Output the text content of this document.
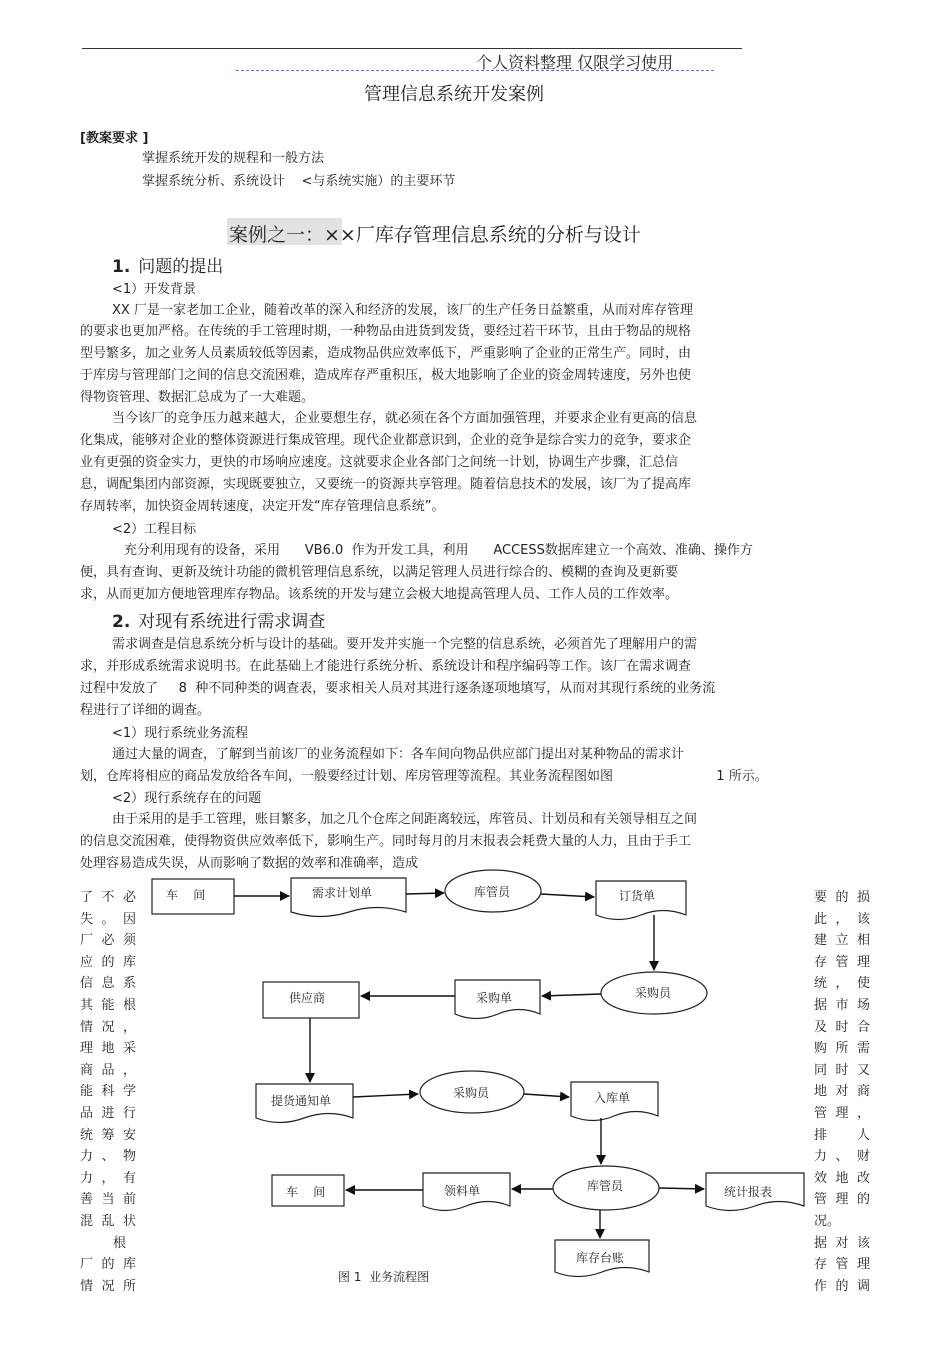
个人资料整理 仅限学习使用
管理信息系统开发案例
[教案要求 ]
掌握系统开发的规程和一般方法
掌握系统分析、系统设计    <与系统实施）的主要环节
案例之一：××厂库存管理信息系统的分析与设计
1. 问题的提出
<1）开发背景
XX 厂是一家老加工企业，随着改革的深入和经济的发展，该厂的生产任务日益繁重，从而对库存管理
的要求也更加严格。在传统的手工管理时期，一种物品由进货到发货，要经过若干环节，且由于物品的规格
型号繁多，加之业务人员素质较低等因素，造成物品供应效率低下，严重影响了企业的正常生产。同时，由
于库房与管理部门之间的信息交流困难，造成库存严重积压，极大地影响了企业的资金周转速度，另外也使
得物资管理、数据汇总成为了一大难题。
当今该厂的竞争压力越来越大，企业要想生存，就必须在各个方面加强管理，并要求企业有更高的信息
化集成，能够对企业的整体资源进行集成管理。现代企业都意识到，企业的竞争是综合实力的竞争，要求企
业有更强的资金实力，更快的市场响应速度。这就要求企业各部门之间统一计划，协调生产步骤，汇总信
息，调配集团内部资源，实现既要独立，又要统一的资源共享管理。随着信息技术的发展，该厂为了提高库
存周转率，加快资金周转速度，决定开发“库存管理信息系统”。
<2）工程目标
充分利用现有的设备，采用      VB6.0  作为开发工具，利用      ACCESS数据库建立一个高效、准确、操作方
便，具有查询、更新及统计功能的微机管理信息系统，以满足管理人员进行综合的、模糊的查询及更新要
求，从而更加方便地管理库存物品。该系统的开发与建立会极大地提高管理人员、工作人员的工作效率。
2. 对现有系统进行需求调查
需求调查是信息系统分析与设计的基础。要开发并实施一个完整的信息系统，必须首先了理解用户的需
求，并形成系统需求说明书。在此基础上才能进行系统分析、系统设计和程序编码等工作。该厂在需求调查
过程中发放了     8  种不同种类的调查表，要求相关人员对其进行逐条逐项地填写，从而对其现行系统的业务流
程进行了详细的调查。
<1）现行系统业务流程
通过大量的调查，了解到当前该厂的业务流程如下：各车间向物品供应部门提出对某种物品的需求计
划，仓库将相应的商品发放给各车间，一般要经过计划、库房管理等流程。其业务流程图如图                         1 所示。
<2）现行系统存在的问题
由于采用的是手工管理，账目繁多，加之几个仓库之间距离较远，库管员、计划员和有关领导相互之间
的信息交流困难，使得物资供应效率低下，影响生产。同时每月的月末报表会耗费大量的人力，且由于手工
处理容易造成失误，从而影响了数据的效率和准确率，造成
了不必
失。因
厂必须
应的库
信息系
其能根
情况，
理地采
商品，
能科学
品进行
统筹安
力、物
力，有
善当前
混乱状
根
厂的库
情况所
要的损
此，该
建立相
存管理
统，使
据市场
及时合
购所需
同时又
地对商
管理，
排  人
力、财
效地改
管理的
况。
据对该
存管理
作的调
车    间	需求计划单	库管员	订货单
采购员
采购单
供应商
提货通知单
采购员	入库单
库管员
领料单
车    间	统计报表
库存台账
图 1  业务流程图
